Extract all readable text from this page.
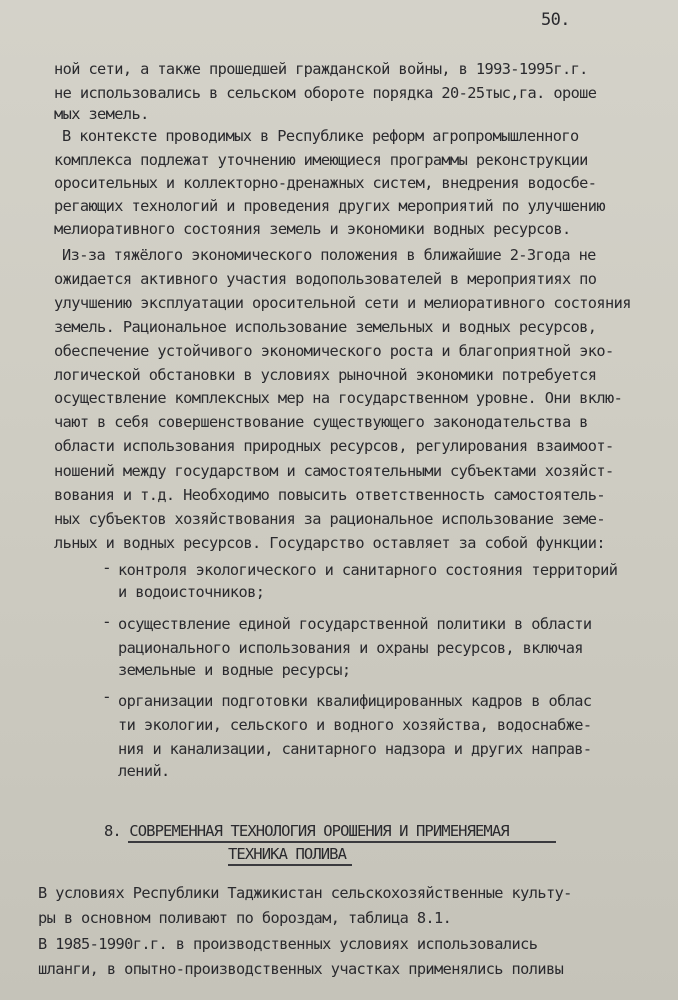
50.
ной сети, а также прошедшей гражданской войны, в 1993-1995г.г.
не использовались в сельском обороте порядка 20-25тыс,га. ороше
мых земель.
В контексте проводимых в Республике реформ агропромышленного
комплекса подлежат уточнению имеющиеся программы реконструкции
оросительных и коллекторно-дренажных систем, внедрения водосбе-
регающих технологий и проведения других мероприятий по улучшению
мелиоративного состояния земель и экономики водных ресурсов.
Из-за тяжёлого экономического положения в ближайшие 2-3года не
ожидается активного участия водопользователей в мероприятиях по
улучшению эксплуатации оросительной сети и мелиоративного состояния
земель. Рациональное использование земельных и водных ресурсов,
обеспечение устойчивого экономического роста и благоприятной эко-
логической обстановки в условиях рыночной экономики потребуется
осуществление комплексных мер на государственном уровне. Они вклю-
чают в себя совершенствование существующего законодательства в
области использования природных ресурсов, регулирования взаимоот-
ношений между государством и самостоятельными субъектами хозяйст-
вования и т.д. Необходимо повысить ответственность самостоятель-
ных субъектов хозяйствования за рациональное использование земе-
льных и водных ресурсов. Государство оставляет за собой функции:
- контроля экологического и санитарного состояния территорий
и водоисточников;
- осуществление единой государственной политики в области
рационального использования и охраны ресурсов, включая
земельные и водные ресурсы;
- организации подготовки квалифицированных кадров в облас
ти экологии, сельского и водного хозяйства, водоснабже-
ния и канализации, санитарного надзора и других направ-
лений.
8. СОВРЕМЕННАЯ ТЕХНОЛОГИЯ ОРОШЕНИЯ И ПРИМЕНЯЕМАЯ
ТЕХНИКА ПОЛИВА
В условиях Республики Таджикистан сельскохозяйственные культу-
ры в основном поливают по бороздам, таблица 8.1.
В 1985-1990г.г. в производственных условиях использовались
шланги, в опытно-производственных участках применялись поливы
